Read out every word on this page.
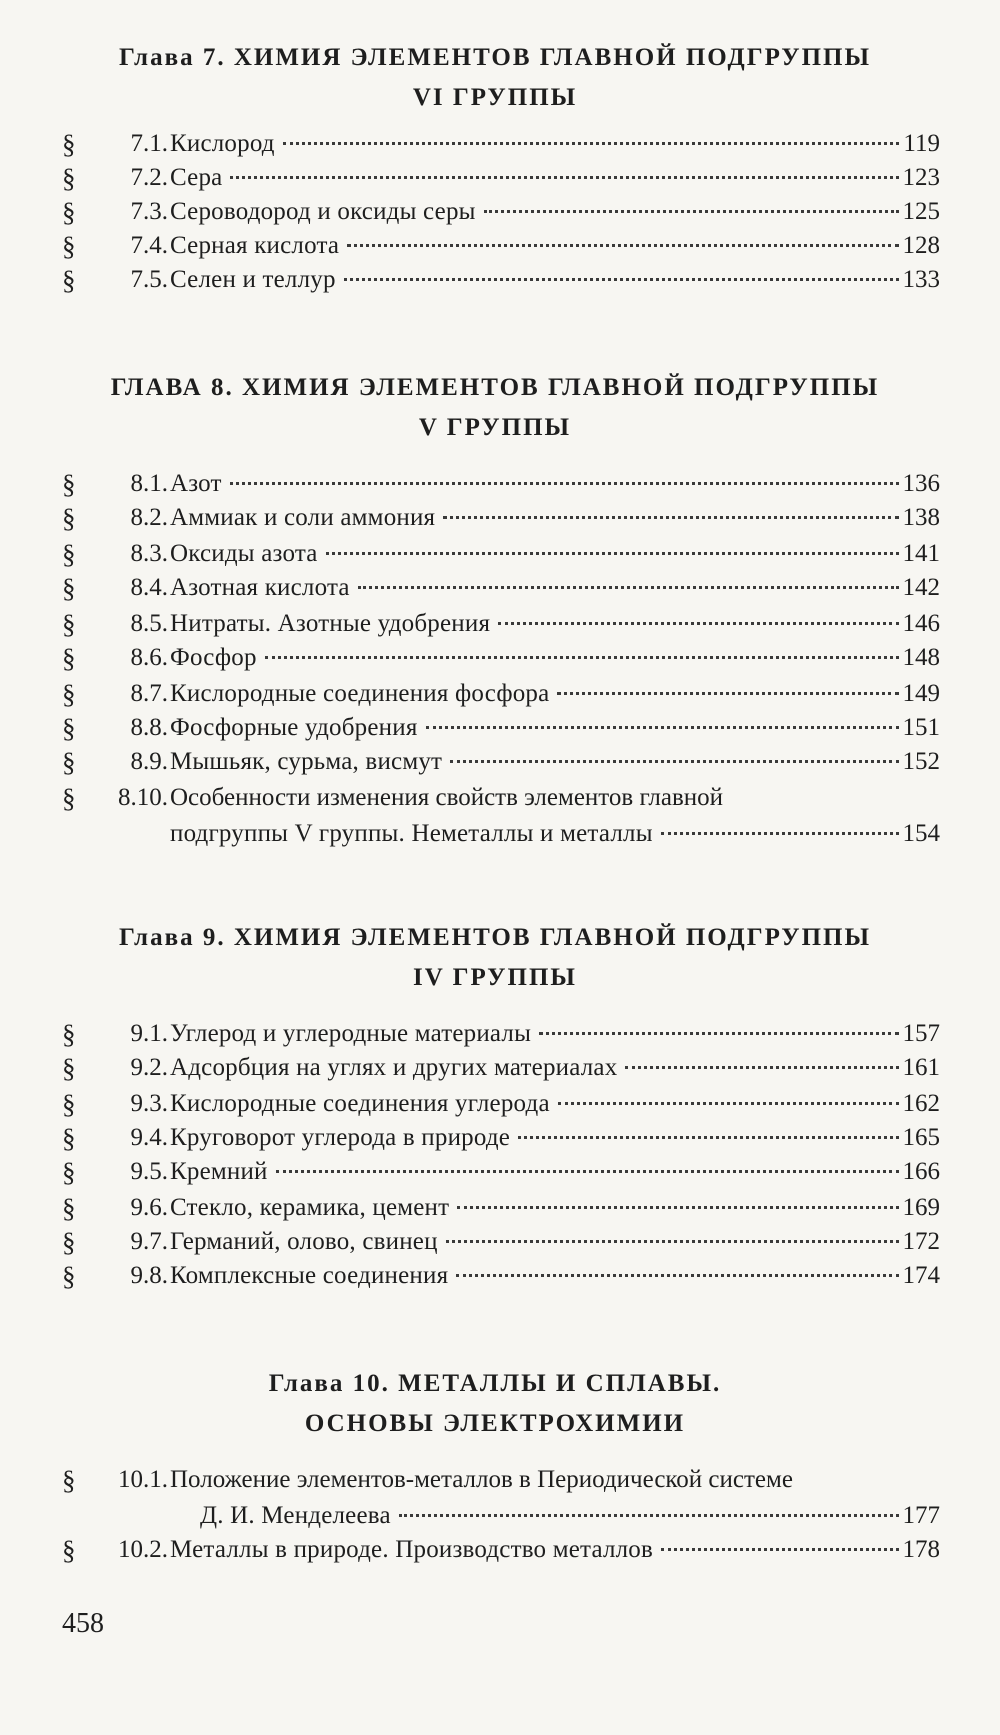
Глава 7. ХИМИЯ ЭЛЕМЕНТОВ ГЛАВНОЙ ПОДГРУППЫ
VI ГРУППЫ
§	7.1. Кислород	119
§	7.2. Сера	123
§	7.3. Сероводород и оксиды серы	125
§	7.4. Серная кислота	128
§	7.5. Селен и теллур	133
ГЛАВА 8. ХИМИЯ ЭЛЕМЕНТОВ ГЛАВНОЙ ПОДГРУППЫ
V ГРУППЫ
§	8.1. Азот	136
§	8.2. Аммиак и соли аммония	138
§	8.3. Оксиды азота	141
§	8.4. Азотная кислота	142
§	8.5. Нитраты. Азотные удобрения	146
§	8.6. Фосфор	148
§	8.7. Кислородные соединения фосфора	149
§	8.8. Фосфорные удобрения	151
§	8.9. Мышьяк, сурьма, висмут	152
§	8.10. Особенности изменения свойств элементов главной
подгруппы V группы. Неметаллы и металлы	154
Глава 9. ХИМИЯ ЭЛЕМЕНТОВ ГЛАВНОЙ ПОДГРУППЫ
IV ГРУППЫ
§	9.1. Углерод и углеродные материалы	157
§	9.2. Адсорбция на углях и других материалах	161
§	9.3. Кислородные соединения углерода	162
§	9.4. Круговорот углерода в природе	165
§	9.5. Кремний	166
§	9.6. Стекло, керамика, цемент	169
§	9.7. Германий, олово, свинец	172
§	9.8. Комплексные соединения	174
Глава 10. МЕТАЛЛЫ И СПЛАВЫ.
ОСНОВЫ ЭЛЕКТРОХИМИИ
§	10.1. Положение элементов-металлов в Периодической системе
Д. И. Менделеева	177
§	10.2. Металлы в природе. Производство металлов	178
458
